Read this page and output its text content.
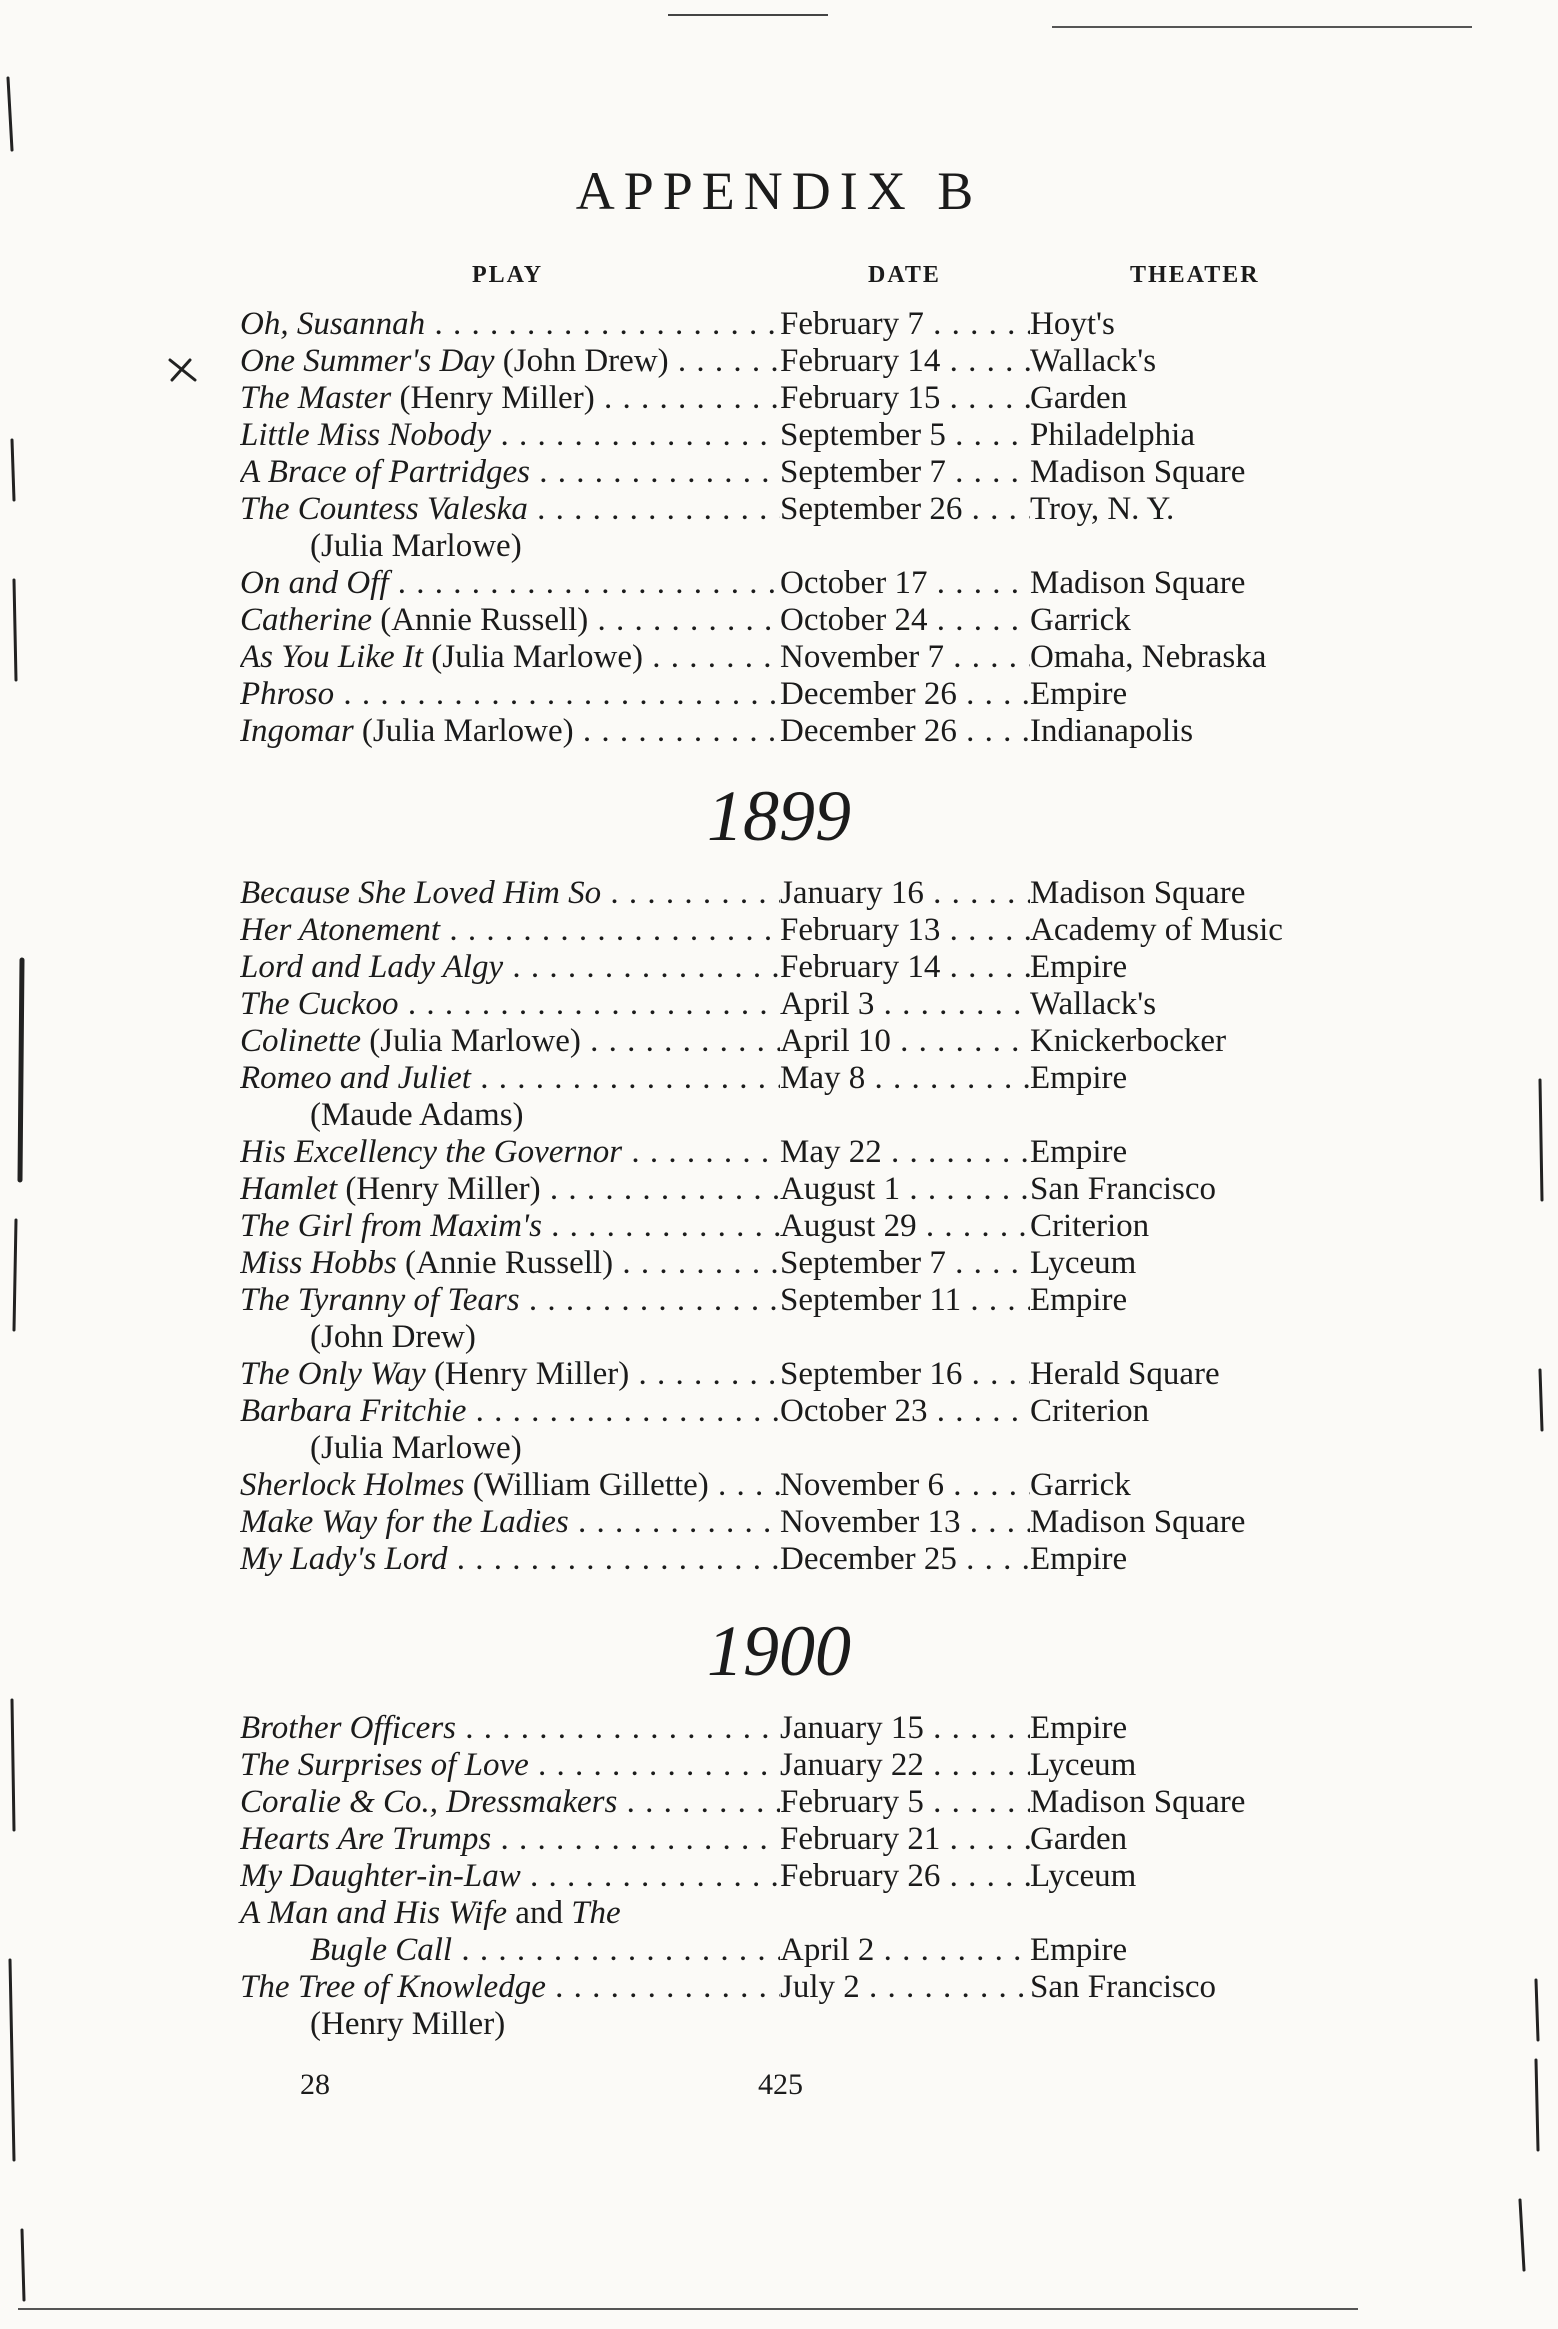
APPENDIX B
PLAY	DATE	THEATER
Oh, Susannah . . .	February 7 . . .	Hoyt's
One Summer's Day (John Drew) . . .	February 14 . . .	Wallack's
The Master (Henry Miller) . . .	February 15 . . .	Garden
Little Miss Nobody . . .	September 5 . . .	Philadelphia
A Brace of Partridges . . .	September 7 . . .	Madison Square
The Countess Valeska . . .	September 26 . . .	Troy, N. Y.
(Julia Marlowe)
On and Off . . .	October 17 . . .	Madison Square
Catherine (Annie Russell) . . .	October 24 . . .	Garrick
As You Like It (Julia Marlowe) . . .	November 7 . . .	Omaha, Nebraska
Phroso . . .	December 26 . . .	Empire
Ingomar (Julia Marlowe) . . .	December 26 . . .	Indianapolis
1899
Because She Loved Him So . . .	January 16 . . .	Madison Square
Her Atonement . . .	February 13 . . .	Academy of Music
Lord and Lady Algy . . .	February 14 . . .	Empire
The Cuckoo . . .	April 3 . . .	Wallack's
Colinette (Julia Marlowe) . . .	April 10 . . .	Knickerbocker
Romeo and Juliet . . .	May 8 . . .	Empire
(Maude Adams)
His Excellency the Governor . . .	May 22 . . .	Empire
Hamlet (Henry Miller) . . .	August 1 . . .	San Francisco
The Girl from Maxim's . . .	August 29 . . .	Criterion
Miss Hobbs (Annie Russell) . . .	September 7 . . .	Lyceum
The Tyranny of Tears . . .	September 11 . . .	Empire
(John Drew)
The Only Way (Henry Miller) . . .	September 16 . . .	Herald Square
Barbara Fritchie . . .	October 23 . . .	Criterion
(Julia Marlowe)
Sherlock Holmes (William Gillette) . . .	November 6 . . .	Garrick
Make Way for the Ladies . . .	November 13 . . .	Madison Square
My Lady's Lord . . .	December 25 . . .	Empire
1900
Brother Officers . . .	January 15 . . .	Empire
The Surprises of Love . . .	January 22 . . .	Lyceum
Coralie & Co., Dressmakers . . .	February 5 . . .	Madison Square
Hearts Are Trumps . . .	February 21 . . .	Garden
My Daughter-in-Law . . .	February 26 . . .	Lyceum
A Man and His Wife and The
Bugle Call . . .	April 2 . . .	Empire
The Tree of Knowledge . . .	July 2 . . .	San Francisco
(Henry Miller)
28	425
